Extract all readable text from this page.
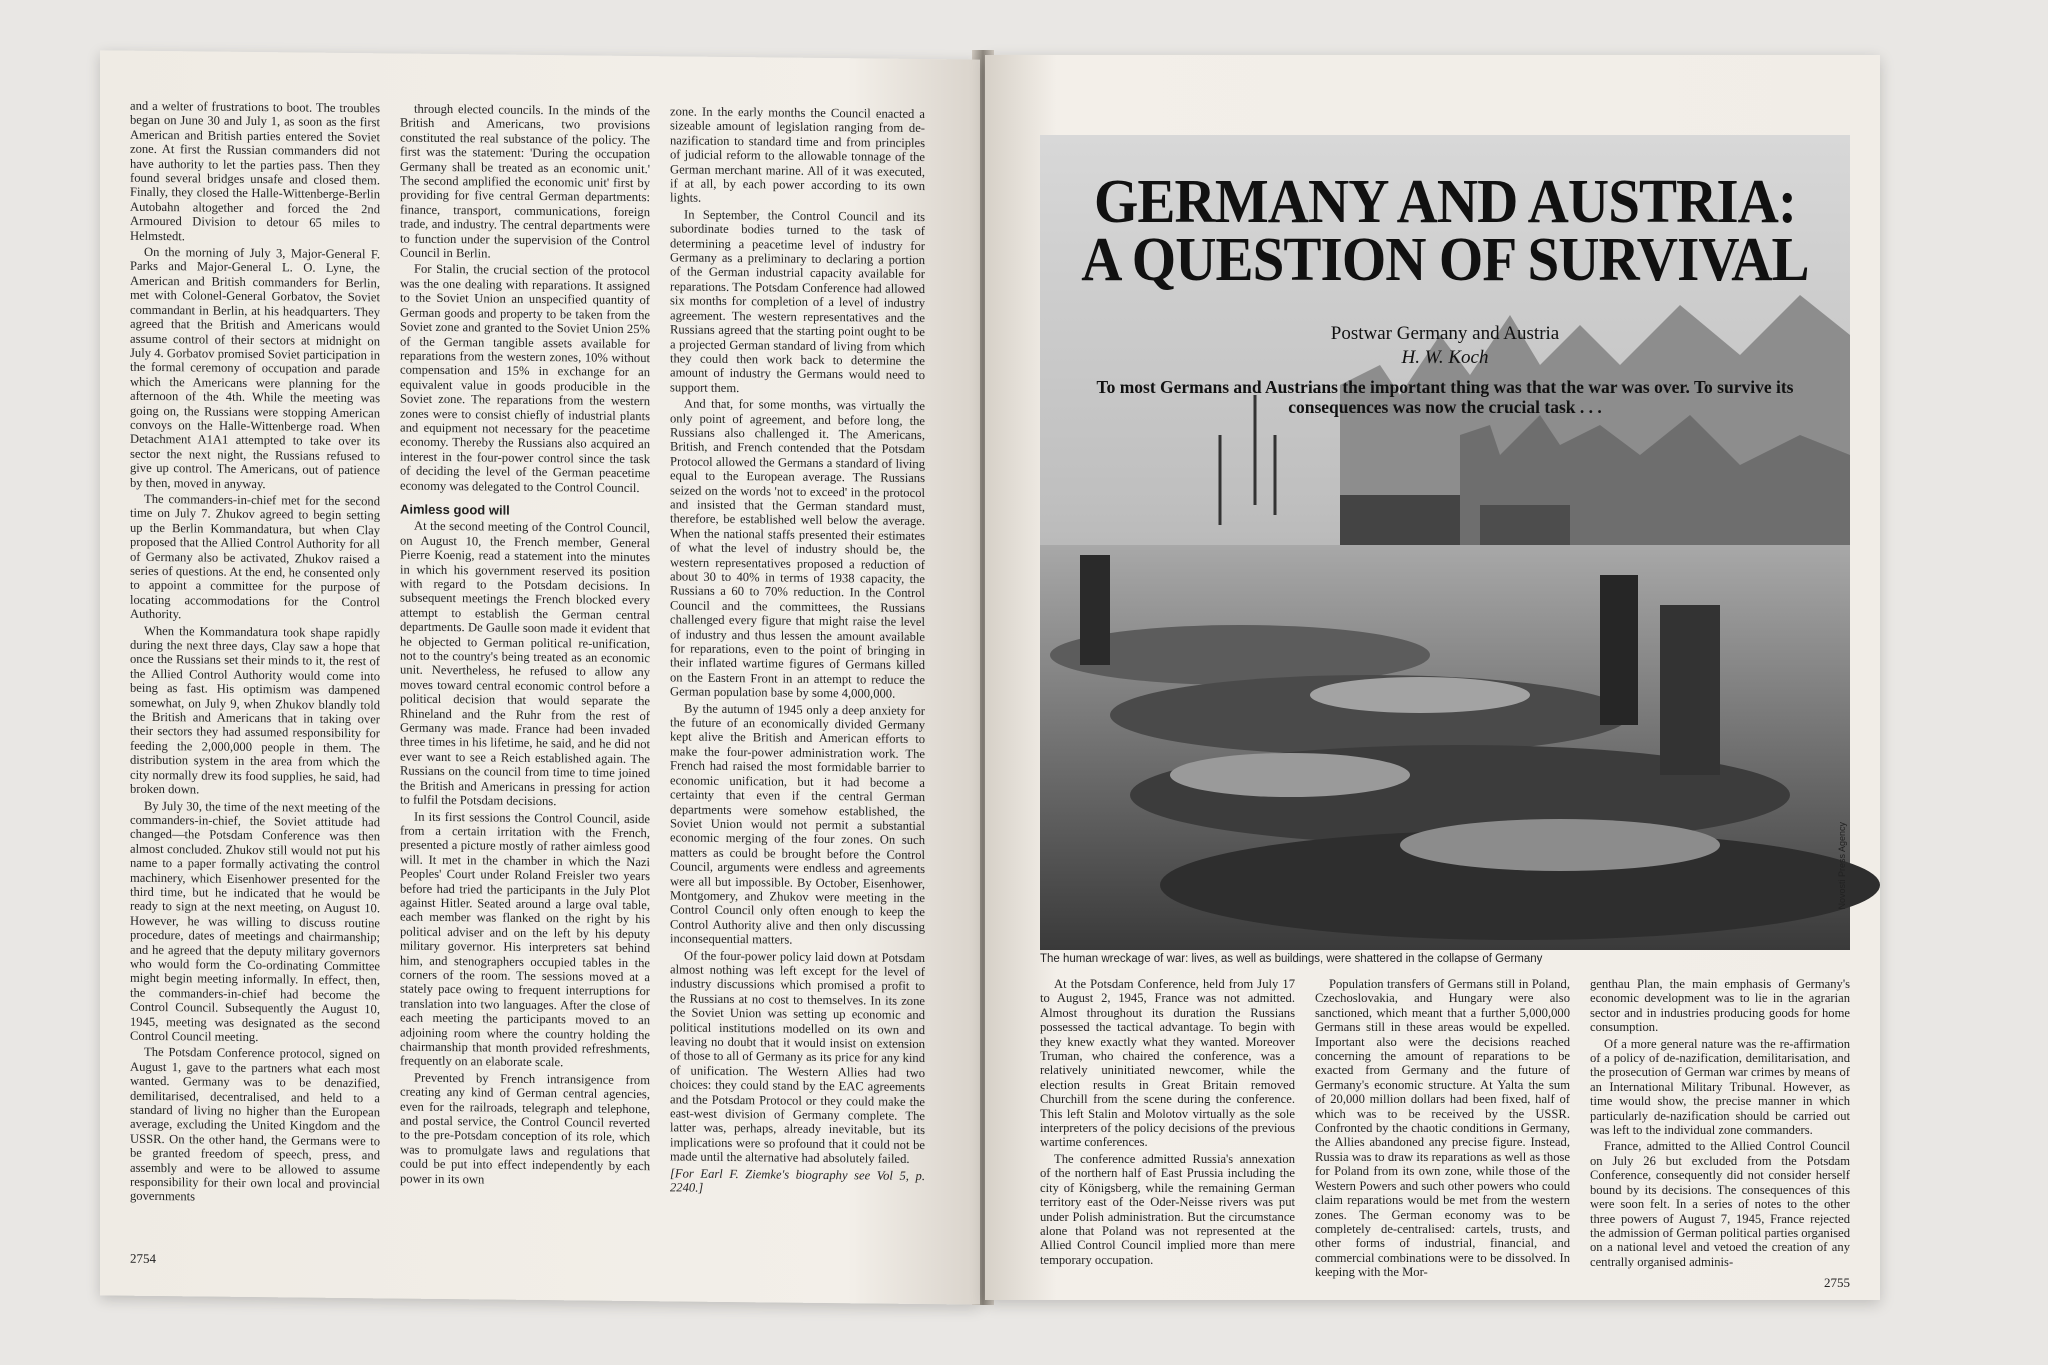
and a welter of frustrations to boot. The troubles began on June 30 and July 1, as soon as the first American and British parties entered the Soviet zone. At first the Russian commanders did not have authority to let the parties pass. Then they found several bridges unsafe and closed them. Finally, they closed the Halle-Wittenberge-Berlin Autobahn altogether and forced the 2nd Armoured Division to detour 65 miles to Helmstedt.

On the morning of July 3, Major-General F. Parks and Major-General L. O. Lyne, the American and British commanders for Berlin, met with Colonel-General Gorbatov, the Soviet commandant in Berlin, at his headquarters. They agreed that the British and Americans would assume control of their sectors at midnight on July 4. Gorbatov promised Soviet participation in the formal ceremony of occupation and parade which the Americans were planning for the afternoon of the 4th. While the meeting was going on, the Russians were stopping American convoys on the Halle-Wittenberge road. When Detachment A1A1 attempted to take over its sector the next night, the Russians refused to give up control. The Americans, out of patience by then, moved in anyway.

The commanders-in-chief met for the second time on July 7. Zhukov agreed to begin setting up the Berlin Kommandatura, but when Clay proposed that the Allied Control Authority for all of Germany also be activated, Zhukov raised a series of questions. At the end, he consented only to appoint a committee for the purpose of locating accommodations for the Control Authority.

When the Kommandatura took shape rapidly during the next three days, Clay saw a hope that once the Russians set their minds to it, the rest of the Allied Control Authority would come into being as fast. His optimism was dampened somewhat, on July 9, when Zhukov blandly told the British and Americans that in taking over their sectors they had assumed responsibility for feeding the 2,000,000 people in them. The distribution system in the area from which the city normally drew its food supplies, he said, had broken down.

By July 30, the time of the next meeting of the commanders-in-chief, the Soviet attitude had changed—the Potsdam Conference was then almost concluded. Zhukov still would not put his name to a paper formally activating the control machinery, which Eisenhower presented for the third time, but he indicated that he would be ready to sign at the next meeting, on August 10. However, he was willing to discuss routine procedure, dates of meetings and chairmanship; and he agreed that the deputy military governors who would form the Co-ordinating Committee might begin meeting informally. In effect, then, the commanders-in-chief had become the Control Council. Subsequently the August 10, 1945, meeting was designated as the second Control Council meeting.

The Potsdam Conference protocol, signed on August 1, gave to the partners what each most wanted. Germany was to be denazified, demilitarised, decentralised, and held to a standard of living no higher than the European average, excluding the United Kingdom and the USSR. On the other hand, the Germans were to be granted freedom of speech, press, and assembly and were to be allowed to assume responsibility for their own local and provincial governments

through elected councils. In the minds of the British and Americans, two provisions constituted the real substance of the policy. The first was the statement: 'During the occupation Germany shall be treated as an economic unit.' The second amplified the economic unit' first by providing for five central German departments: finance, transport, communications, foreign trade, and industry. The central departments were to function under the supervision of the Control Council in Berlin.

For Stalin, the crucial section of the protocol was the one dealing with reparations. It assigned to the Soviet Union an unspecified quantity of German goods and property to be taken from the Soviet zone and granted to the Soviet Union 25% of the German tangible assets available for reparations from the western zones, 10% without compensation and 15% in exchange for an equivalent value in goods producible in the Soviet zone. The reparations from the western zones were to consist chiefly of industrial plants and equipment not necessary for the peacetime economy. Thereby the Russians also acquired an interest in the four-power control since the task of deciding the level of the German peacetime economy was delegated to the Control Council.

Aimless good will

At the second meeting of the Control Council, on August 10, the French member, General Pierre Koenig, read a statement into the minutes in which his government reserved its position with regard to the Potsdam decisions. In subsequent meetings the French blocked every attempt to establish the German central departments. De Gaulle soon made it evident that he objected to German political re-unification, not to the country's being treated as an economic unit. Nevertheless, he refused to allow any moves toward central economic control before a political decision that would separate the Rhineland and the Ruhr from the rest of Germany was made. France had been invaded three times in his lifetime, he said, and he did not ever want to see a Reich established again. The Russians on the council from time to time joined the British and Americans in pressing for action to fulfil the Potsdam decisions.

In its first sessions the Control Council, aside from a certain irritation with the French, presented a picture mostly of rather aimless good will. It met in the chamber in which the Nazi Peoples' Court under Roland Freisler two years before had tried the participants in the July Plot against Hitler. Seated around a large oval table, each member was flanked on the right by his political adviser and on the left by his deputy military governor. His interpreters sat behind him, and stenographers occupied tables in the corners of the room. The sessions moved at a stately pace owing to frequent interruptions for translation into two languages. After the close of each meeting the participants moved to an adjoining room where the country holding the chairmanship that month provided refreshments, frequently on an elaborate scale.

Prevented by French intransigence from creating any kind of German central agencies, even for the railroads, telegraph and telephone, and postal service, the Control Council reverted to the pre-Potsdam conception of its role, which was to promulgate laws and regulations that could be put into effect independently by each power in its own

zone. In the early months the Council enacted a sizeable amount of legislation ranging from de-nazification to standard time and from principles of judicial reform to the allowable tonnage of the German merchant marine. All of it was executed, if at all, by each power according to its own lights.

In September, the Control Council and its subordinate bodies turned to the task of determining a peacetime level of industry for Germany as a preliminary to declaring a portion of the German industrial capacity available for reparations. The Potsdam Conference had allowed six months for completion of a level of industry agreement. The western representatives and the Russians agreed that the starting point ought to be a projected German standard of living from which they could then work back to determine the amount of industry the Germans would need to support them.

And that, for some months, was virtually the only point of agreement, and before long, the Russians also challenged it. The Americans, British, and French contended that the Potsdam Protocol allowed the Germans a standard of living equal to the European average. The Russians seized on the words 'not to exceed' in the protocol and insisted that the German standard must, therefore, be established well below the average. When the national staffs presented their estimates of what the level of industry should be, the western representatives proposed a reduction of about 30 to 40% in terms of 1938 capacity, the Russians a 60 to 70% reduction. In the Control Council and the committees, the Russians challenged every figure that might raise the level of industry and thus lessen the amount available for reparations, even to the point of bringing in their inflated wartime figures of Germans killed on the Eastern Front in an attempt to reduce the German population base by some 4,000,000.

By the autumn of 1945 only a deep anxiety for the future of an economically divided Germany kept alive the British and American efforts to make the four-power administration work. The French had raised the most formidable barrier to economic unification, but it had become a certainty that even if the central German departments were somehow established, the Soviet Union would not permit a substantial economic merging of the four zones. On such matters as could be brought before the Control Council, arguments were endless and agreements were all but impossible. By October, Eisenhower, Montgomery, and Zhukov were meeting in the Control Council only often enough to keep the Control Authority alive and then only discussing inconsequential matters.

Of the four-power policy laid down at Potsdam almost nothing was left except for the level of industry discussions which promised a profit to the Russians at no cost to themselves. In its zone the Soviet Union was setting up economic and political institutions modelled on its own and leaving no doubt that it would insist on extension of those to all of Germany as its price for any kind of unification. The Western Allies had two choices: they could stand by the EAC agreements and the Potsdam Protocol or they could make the east-west division of Germany complete. The latter was, perhaps, already inevitable, but its implications were so profound that it could not be made until the alternative had absolutely failed.

[For Earl F. Ziemke's biography see Vol 5, p. 2240.]

2754
GERMANY AND AUSTRIA:
A QUESTION OF SURVIVAL
Postwar Germany and Austria
H. W. Koch
To most Germans and Austrians the important thing was that the war was over. To survive its consequences was now the crucial task . . .
Novosti Press Agency
The human wreckage of war: lives, as well as buildings, were shattered in the collapse of Germany

At the Potsdam Conference, held from July 17 to August 2, 1945, France was not admitted. Almost throughout its duration the Russians possessed the tactical advantage. To begin with they knew exactly what they wanted. Moreover Truman, who chaired the conference, was a relatively uninitiated newcomer, while the election results in Great Britain removed Churchill from the scene during the conference. This left Stalin and Molotov virtually as the sole interpreters of the policy decisions of the previous wartime conferences.

The conference admitted Russia's annexation of the northern half of East Prussia including the city of Königsberg, while the remaining German territory east of the Oder-Neisse rivers was put under Polish administration. But the circumstance alone that Poland was not represented at the Allied Control Council implied more than mere temporary occupation.

Population transfers of Germans still in Poland, Czechoslovakia, and Hungary were also sanctioned, which meant that a further 5,000,000 Germans still in these areas would be expelled. Important also were the decisions reached concerning the amount of reparations to be exacted from Germany and the future of Germany's economic structure. At Yalta the sum of 20,000 million dollars had been fixed, half of which was to be received by the USSR. Confronted by the chaotic conditions in Germany, the Allies abandoned any precise figure. Instead, Russia was to draw its reparations as well as those for Poland from its own zone, while those of the Western Powers and such other powers who could claim reparations would be met from the western zones. The German economy was to be completely de-centralised: cartels, trusts, and other forms of industrial, financial, and commercial combinations were to be dissolved. In keeping with the Mor-

genthau Plan, the main emphasis of Germany's economic development was to lie in the agrarian sector and in industries producing goods for home consumption.

Of a more general nature was the re-affirmation of a policy of de-nazification, demilitarisation, and the prosecution of German war crimes by means of an International Military Tribunal. However, as time would show, the precise manner in which particularly de-nazification should be carried out was left to the individual zone commanders.

France, admitted to the Allied Control Council on July 26 but excluded from the Potsdam Conference, consequently did not consider herself bound by its decisions. The consequences of this were soon felt. In a series of notes to the other three powers of August 7, 1945, France rejected the admission of German political parties organised on a national level and vetoed the creation of any centrally organised adminis-

2755
